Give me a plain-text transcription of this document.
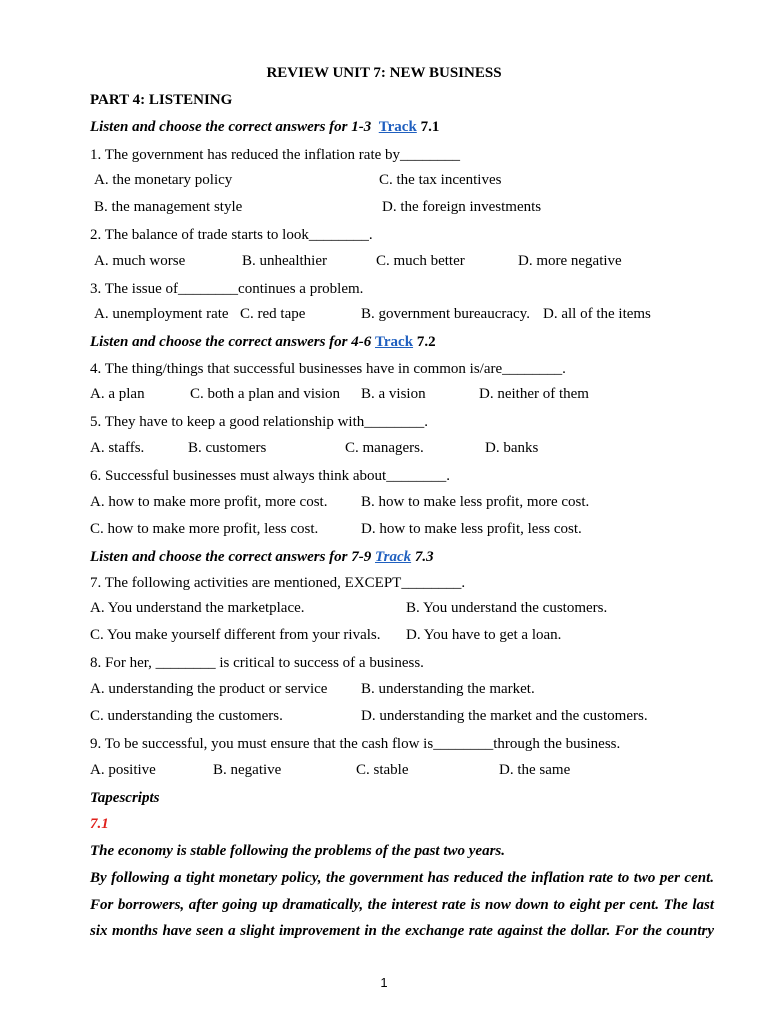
REVIEW UNIT 7: NEW BUSINESS
PART 4: LISTENING
Listen and choose the correct answers for 1-3 Track 7.1
1. The government has reduced the inflation rate by________
A. the monetary policy	C. the tax incentives
B. the management style	D. the foreign investments
2. The balance of trade starts to look________.
A. much worse	B. unhealthier	C. much better	D. more negative
3. The issue of________continues a problem.
A. unemployment rate C. red tape	B. government bureaucracy. D. all of the items
Listen and choose the correct answers for 4-6 Track 7.2
4. The thing/things that successful businesses have in common is/are________.
A. a plan	C. both a plan and vision B. a vision	D. neither of them
5. They have to keep a good relationship with________.
A. staffs.	B. customers	C. managers.	D. banks
6. Successful businesses must always think about________.
A. how to make more profit, more cost. B. how to make less profit, more cost.
C. how to make more profit, less cost.	D. how to make less profit, less cost.
Listen and choose the correct answers for 7-9 Track 7.3
7. The following activities are mentioned, EXCEPT________.
A. You understand the marketplace.	B. You understand the customers.
C. You make yourself different from your rivals. D. You have to get a loan.
8. For her, ________ is critical to success of a business.
A. understanding the product or service B. understanding the market.
C. understanding the customers.	D. understanding the market and the customers.
9. To be successful, you must ensure that the cash flow is________through the business.
A. positive	B. negative	C. stable	D. the same
Tapescripts
7.1
The economy is stable following the problems of the past two years.
By following a tight monetary policy, the government has reduced the inflation rate to two per cent.
For borrowers, after going up dramatically, the interest rate is now down to eight per cent. The last
six months have seen a slight improvement in the exchange rate against the dollar. For the country
1
